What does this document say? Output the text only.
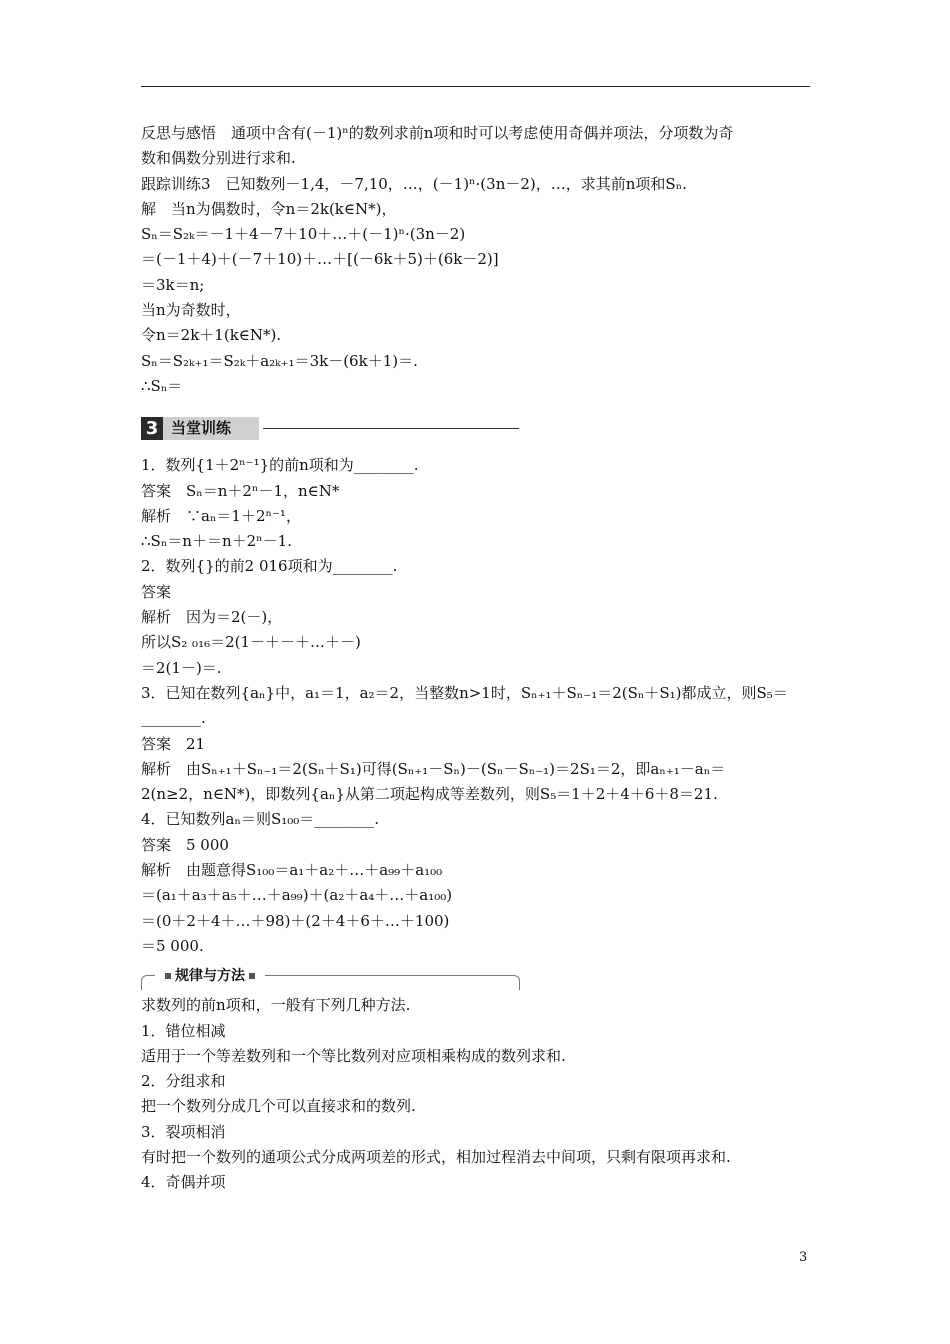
反思与感悟　通项中含有(－1)ⁿ的数列求前n项和时可以考虑使用奇偶并项法，分项数为奇
数和偶数分别进行求和.
跟踪训练3　已知数列－1,4，－7,10，…，(－1)ⁿ·(3n－2)，…，求其前n项和Sₙ.
解　当n为偶数时，令n＝2k(k∈N*)，
Sₙ＝S₂ₖ＝－1＋4－7＋10＋…＋(－1)ⁿ·(3n－2)
＝(－1＋4)＋(－7＋10)＋…＋[(－6k＋5)＋(6k－2)]
＝3k＝n;
当n为奇数时，
令n＝2k＋1(k∈N*).
Sₙ＝S₂ₖ₊₁＝S₂ₖ＋a₂ₖ₊₁＝3k－(6k＋1)＝.
∴Sₙ＝
3 当堂训练
1．数列{1＋2ⁿ⁻¹}的前n项和为________.
答案　Sₙ＝n＋2ⁿ－1，n∈N*
解析　∵aₙ＝1＋2ⁿ⁻¹，
∴Sₙ＝n＋＝n＋2ⁿ－1.
2．数列{}的前2 016项和为________.
答案
解析　因为＝2(－)，
所以S₂ ₀₁₆＝2(1－＋－＋…＋－)
＝2(1－)＝.
3．已知在数列{aₙ}中，a₁＝1，a₂＝2，当整数n>1时，Sₙ₊₁＋Sₙ₋₁＝2(Sₙ＋S₁)都成立，则S₅＝
________.
答案　21
解析　由Sₙ₊₁＋Sₙ₋₁＝2(Sₙ＋S₁)可得(Sₙ₊₁－Sₙ)－(Sₙ－Sₙ₋₁)＝2S₁＝2，即aₙ₊₁－aₙ＝
2(n≥2，n∈N*)，即数列{aₙ}从第二项起构成等差数列，则S₅＝1＋2＋4＋6＋8＝21.
4．已知数列aₙ＝则S₁₀₀＝________.
答案　5 000
解析　由题意得S₁₀₀＝a₁＋a₂＋…＋a₉₉＋a₁₀₀
＝(a₁＋a₃＋a₅＋…＋a₉₉)＋(a₂＋a₄＋…＋a₁₀₀)
＝(0＋2＋4＋…＋98)＋(2＋4＋6＋…＋100)
＝5 000.
规律与方法
求数列的前n项和，一般有下列几种方法.
1．错位相减
适用于一个等差数列和一个等比数列对应项相乘构成的数列求和.
2．分组求和
把一个数列分成几个可以直接求和的数列.
3．裂项相消
有时把一个数列的通项公式分成两项差的形式，相加过程消去中间项，只剩有限项再求和.
4．奇偶并项
3
